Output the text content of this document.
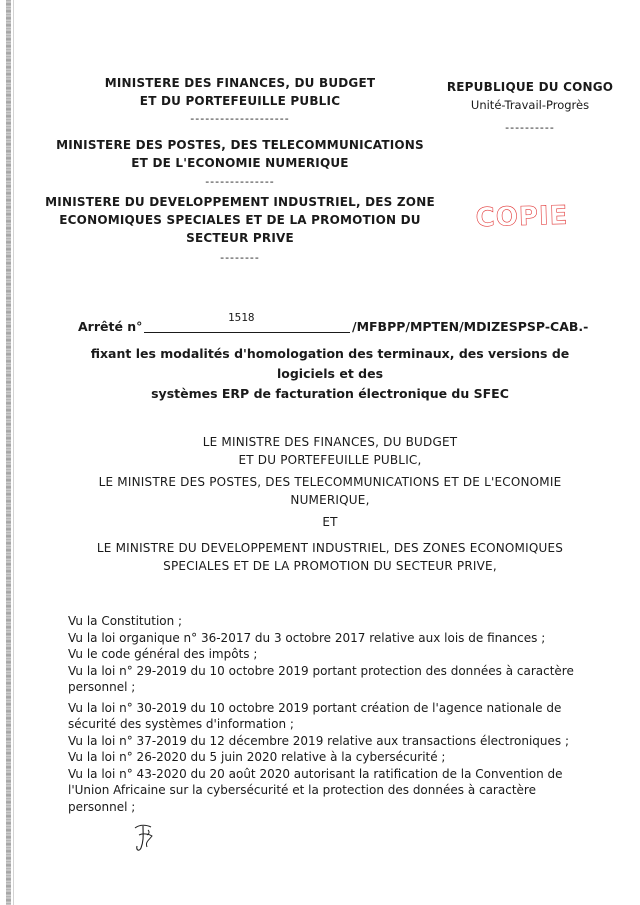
MINISTERE DES FINANCES, DU BUDGET
ET DU PORTEFEUILLE PUBLIC
--------------------
MINISTERE DES POSTES, DES TELECOMMUNICATIONS
ET DE L'ECONOMIE NUMERIQUE
--------------
MINISTERE DU DEVELOPPEMENT INDUSTRIEL, DES ZONE
ECONOMIQUES SPECIALES ET DE LA PROMOTION DU
SECTEUR PRIVE
--------
REPUBLIQUE DU CONGO
Unité-Travail-Progrès
----------
COPIE
1518
Arrêté n°	/MFBPP/MPTEN/MDIZESPSP-CAB.-
fixant les modalités d'homologation des terminaux, des versions de logiciels et des
systèmes ERP de facturation électronique du SFEC
LE MINISTRE DES FINANCES, DU BUDGET
ET DU PORTEFEUILLE PUBLIC,
LE MINISTRE DES POSTES, DES TELECOMMUNICATIONS ET DE L'ECONOMIE
NUMERIQUE,
ET
LE MINISTRE DU DEVELOPPEMENT INDUSTRIEL, DES ZONES ECONOMIQUES
SPECIALES ET DE LA PROMOTION DU SECTEUR PRIVE,

Vu la Constitution ;

Vu la loi organique n° 36-2017 du 3 octobre 2017 relative aux lois de finances ;

Vu le code général des impôts ;

Vu la loi n° 29-2019 du 10 octobre 2019 portant protection des données à caractère

personnel ;

Vu la loi n° 30-2019 du 10 octobre 2019 portant création de l'agence nationale de

sécurité des systèmes d'information ;

Vu la loi n° 37-2019 du 12 décembre 2019 relative aux transactions électroniques ;

Vu la loi n° 26-2020 du 5 juin 2020 relative à la cybersécurité ;

Vu la loi n° 43-2020 du 20 août 2020 autorisant la ratification de la Convention de

l'Union Africaine sur la cybersécurité et la protection des données à caractère

personnel ;
